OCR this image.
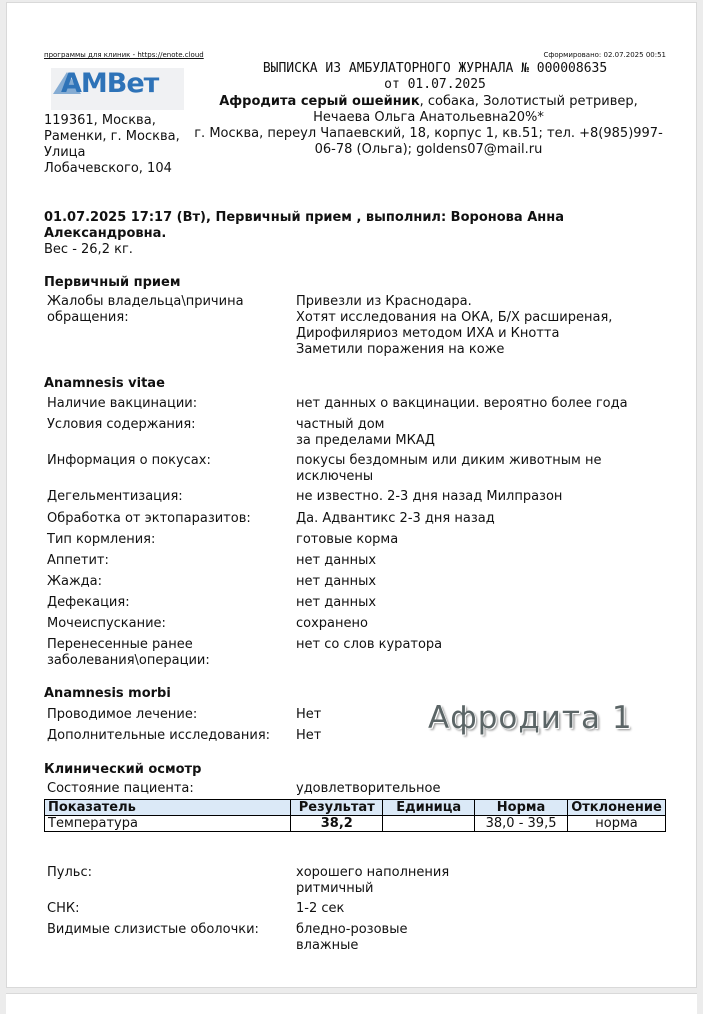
программы для клиник - https://enote.cloud	Сформировано: 02.07.2025 00:51
AMBет	ВЫПИСКА ИЗ АМБУЛАТОРНОГО ЖУРНАЛА № 000008635
от 01.07.2025
119361, Москва,
Раменки, г. Москва,
Улица
Лобачевского, 104
Афродита серый ошейник, собака, Золотистый ретривер,
Нечаева Ольга Анатольевна20%*
г. Москва, переул Чапаевский, 18, корпус 1, кв.51; тел. +8(985)997-
06-78 (Ольга); goldens07@mail.ru
01.07.2025 17:17 (Вт), Первичный прием , выполнил: Воронова Анна
Александровна.
Вес - 26,2 кг.
Первичный прием
Жалобы владельца\причина
обращения:
Привезли из Краснодара.
Хотят исследования на ОКА, Б/Х расширеная,
Дирофиляриоз методом ИХА и Кнотта
Заметили поражения на коже
Anamnesis vitae
Наличие вакцинации:	нет данных о вакцинации. вероятно более года
Условия содержания:	частный дом
за пределами МКАД
Информация о покусах:	покусы бездомным или диким животным не
исключены
Дегельментизация:	не известно. 2-3 дня назад Милпразон
Обработка от эктопаразитов:	Да. Адвантикс 2-3 дня назад
Тип кормления:	готовые корма
Аппетит:	нет данных
Жажда:	нет данных
Дефекация:	нет данных
Мочеиспускание:	сохранено
Перенесенные ранее
заболевания\операции:
нет со слов куратора
Anamnesis morbi
Проводимое лечение:	Нет
Дополнительные исследования: Нет	Афродита 1
Клинический осмотр
Состояние пациента:	удовлетворительное
Показатель	Результат	Единица	Норма	Отклонение
Температура	38,2		38,0 - 39,5	норма
Пульс:	хорошего наполнения
ритмичный
СНК:	1-2 сек
Видимые слизистые оболочки:	бледно-розовые
влажные
